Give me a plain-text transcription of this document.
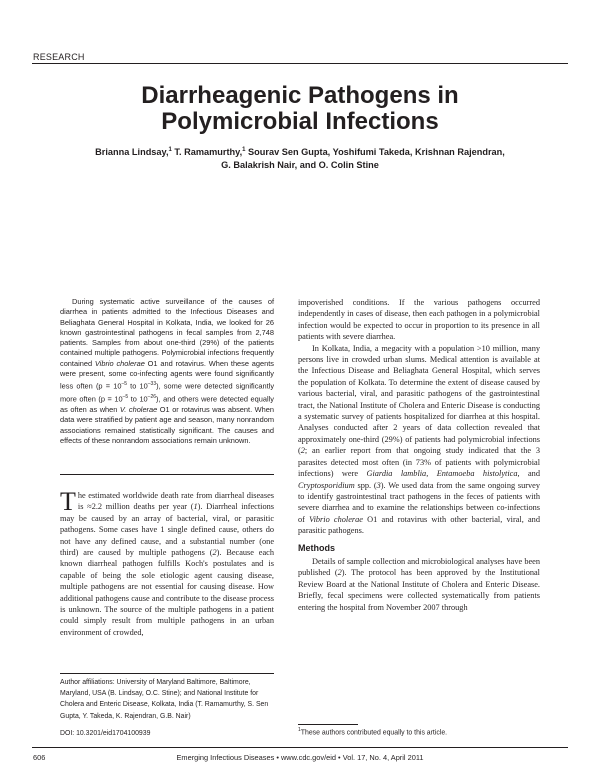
RESEARCH
Diarrheagenic Pathogens in
Polymicrobial Infections
Brianna Lindsay,$^1$ T. Ramamurthy,$^1$ Sourav Sen Gupta, Yoshifumi Takeda, Krishnan Rajendran,
G. Balakrish Nair, and O. Colin Stine

During systematic active surveillance of the causes of diarrhea in patients admitted to the Infectious Diseases and Beliaghata General Hospital in Kolkata, India, we looked for 26 known gastrointestinal pathogens in fecal samples from 2,748 patients. Samples from about one-third (29%) of the patients contained multiple pathogens. Polymicrobial infections frequently contained Vibrio cholerae O1 and rotavirus. When these agents were present, some co-infecting agents were found significantly less often ($p = 10^{-5}$ to $10^{-33}$), some were detected significantly more often ($p = 10^{-5}$ to $10^{-26}$), and others were detected equally as often as when V. cholerae O1 or rotavirus was absent. When data were stratified by patient age and season, many nonrandom associations remained statistically significant. The causes and effects of these nonrandom associations remain unknown.

The estimated worldwide death rate from diarrheal diseases is ≈2.2 million deaths per year (1). Diarrheal infections may be caused by an array of bacterial, viral, or parasitic pathogens. Some cases have 1 single defined cause, others do not have any defined cause, and a substantial number (one third) are caused by multiple pathogens (2). Because each known diarrheal pathogen fulfills Koch's postulates and is capable of being the sole etiologic agent causing disease, multiple pathogens are not essential for causing disease. How additional pathogens cause and contribute to the disease process is unknown. The source of the multiple pathogens in a patient could simply result from multiple pathogens in an urban environment of crowded,

Author affiliations: University of Maryland Baltimore, Baltimore, Maryland, USA (B. Lindsay, O.C. Stine); and National Institute for Cholera and Enteric Disease, Kolkata, India (T. Ramamurthy, S. Sen Gupta, Y. Takeda, K. Rajendran, G.B. Nair)
DOI: 10.3201/eid1704100939

impoverished conditions. If the various pathogens occurred independently in cases of disease, then each pathogen in a polymicrobial infection would be expected to occur in proportion to its presence in all patients with severe diarrhea.

In Kolkata, India, a megacity with a population >10 million, many persons live in crowded urban slums. Medical attention is available at the Infectious Disease and Beliaghata General Hospital, which serves the population of Kolkata. To determine the extent of disease caused by various bacterial, viral, and parasitic pathogens of the gastrointestinal tract, the National Institute of Cholera and Enteric Disease is conducting a systematic survey of patients hospitalized for diarrhea at this hospital. Analyses conducted after 2 years of data collection revealed that approximately one-third (29%) of patients had polymicrobial infections (2; an earlier report from that ongoing study indicated that the 3 parasites detected most often (in 73% of patients with polymicrobial infections) were Giardia lamblia, Entamoeba histolytica, and Cryptosporidium spp. (3). We used data from the same ongoing survey to identify gastrointestinal tract pathogens in the feces of patients with severe diarrhea and to examine the relationships between co-infections of Vibrio cholerae O1 and rotavirus with other bacterial, viral, and parasitic pathogens.

Methods

Details of sample collection and microbiological analyses have been published (2). The protocol has been approved by the Institutional Review Board at the National Institute of Cholera and Enteric Disease. Briefly, fecal specimens were collected systematically from patients entering the hospital from November 2007 through

$^1$These authors contributed equally to this article.
606	Emerging Infectious Diseases • www.cdc.gov/eid • Vol. 17, No. 4, April 2011
